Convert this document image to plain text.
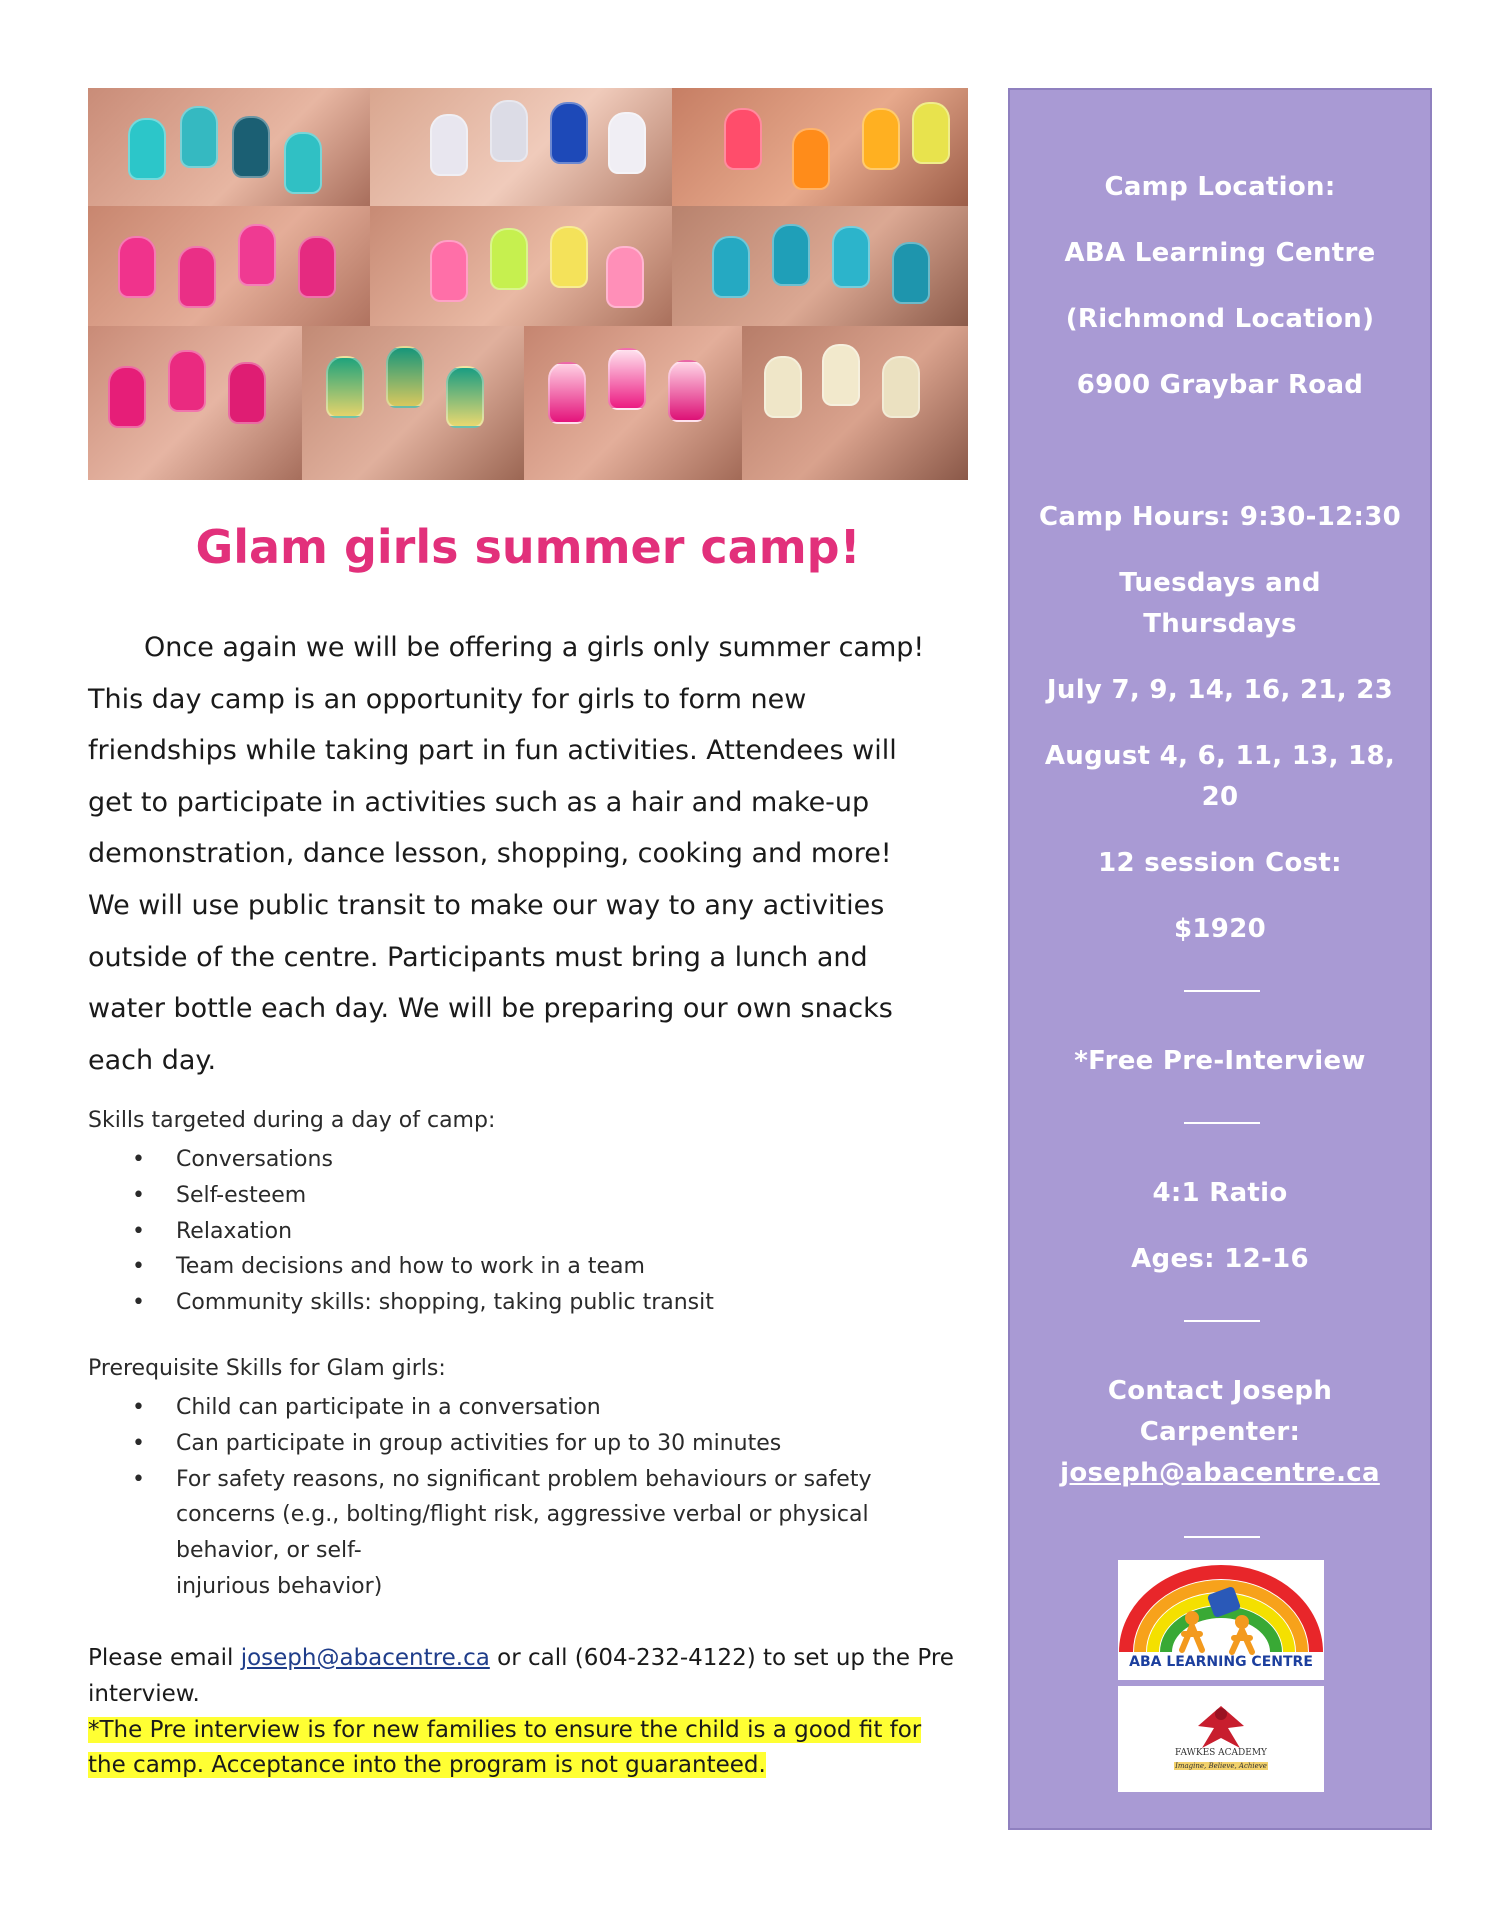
Camp Location:
ABA Learning Centre
(Richmond Location)
6900 Graybar Road
Camp Hours: 9:30-12:30
Tuesdays and
Thursdays
July 7, 9, 14, 16, 21, 23
August 4, 6, 11, 13, 18,
20
12 session Cost:
$1920
*Free Pre-Interview
4:1 Ratio
Ages: 12-16
Contact Joseph
Carpenter:
joseph@abacentre.ca
ABA LEARNING CENTRE
FAWKES ACADEMY
Imagine, Believe, Achieve
Glam girls summer camp!
Once again we will be offering a girls only summer camp!
This day camp is an opportunity for girls to form new
friendships while taking part in fun activities. Attendees will
get to participate in activities such as a hair and make-up
demonstration, dance lesson, shopping, cooking and more!
We will use public transit to make our way to any activities
outside of the centre. Participants must bring a lunch and
water bottle each day. We will be preparing our own snacks
each day.
Skills targeted during a day of camp:
• Conversations
• Self-esteem
• Relaxation
• Team decisions and how to work in a team
• Community skills: shopping, taking public transit
Prerequisite Skills for Glam girls:
• Child can participate in a conversation
• Can participate in group activities for up to 30 minutes
• For safety reasons, no significant problem behaviours or safety
concerns (e.g., bolting/flight risk, aggressive verbal or physical
behavior, or self-
injurious behavior)
Please email joseph@abacentre.ca or call (604-232-4122) to set up the Pre
interview.
*The Pre interview is for new families to ensure the child is a good fit for
the camp. Acceptance into the program is not guaranteed.
